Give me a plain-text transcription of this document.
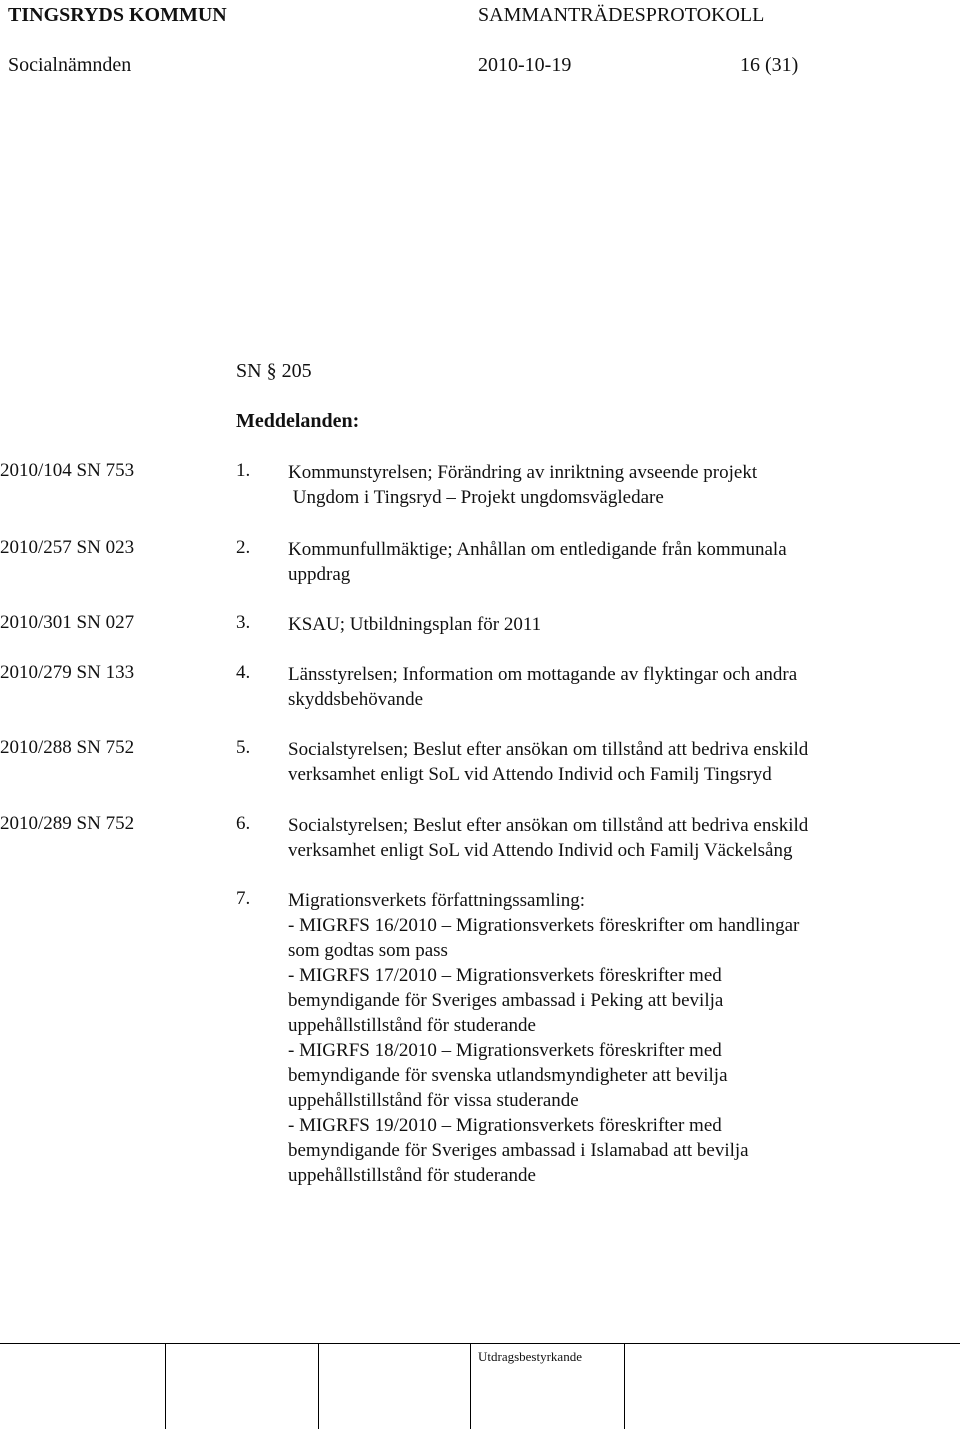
TINGSRYDS KOMMUN	SAMMANTRÄDESPROTOKOLL
Socialnämnden	2010-10-19	16 (31)
SN § 205
Meddelanden:
2010/104 SN 753	1. Kommunstyrelsen; Förändring av inriktning avseende projekt
Ungdom i Tingsryd – Projekt ungdomsvägledare
2010/257 SN 023	2. Kommunfullmäktige; Anhållan om entledigande från kommunala
uppdrag
2010/301 SN 027	3. KSAU; Utbildningsplan för 2011
2010/279 SN 133	4. Länsstyrelsen; Information om mottagande av flyktingar och andra
skyddsbehövande
2010/288 SN 752	5. Socialstyrelsen; Beslut efter ansökan om tillstånd att bedriva enskild
verksamhet enligt SoL vid Attendo Individ och Familj Tingsryd
2010/289 SN 752	6. Socialstyrelsen; Beslut efter ansökan om tillstånd att bedriva enskild
verksamhet enligt SoL vid Attendo Individ och Familj Väckelsång
7. Migrationsverkets författningssamling:
- MIGRFS 16/2010 – Migrationsverkets föreskrifter om handlingar
som godtas som pass
- MIGRFS 17/2010 – Migrationsverkets föreskrifter med
bemyndigande för Sveriges ambassad i Peking att bevilja
uppehållstillstånd för studerande
- MIGRFS 18/2010 – Migrationsverkets föreskrifter med
bemyndigande för svenska utlandsmyndigheter att bevilja
uppehållstillstånd för vissa studerande
- MIGRFS 19/2010 – Migrationsverkets föreskrifter med
bemyndigande för Sveriges ambassad i Islamabad att bevilja
uppehållstillstånd för studerande
Utdragsbestyrkande
